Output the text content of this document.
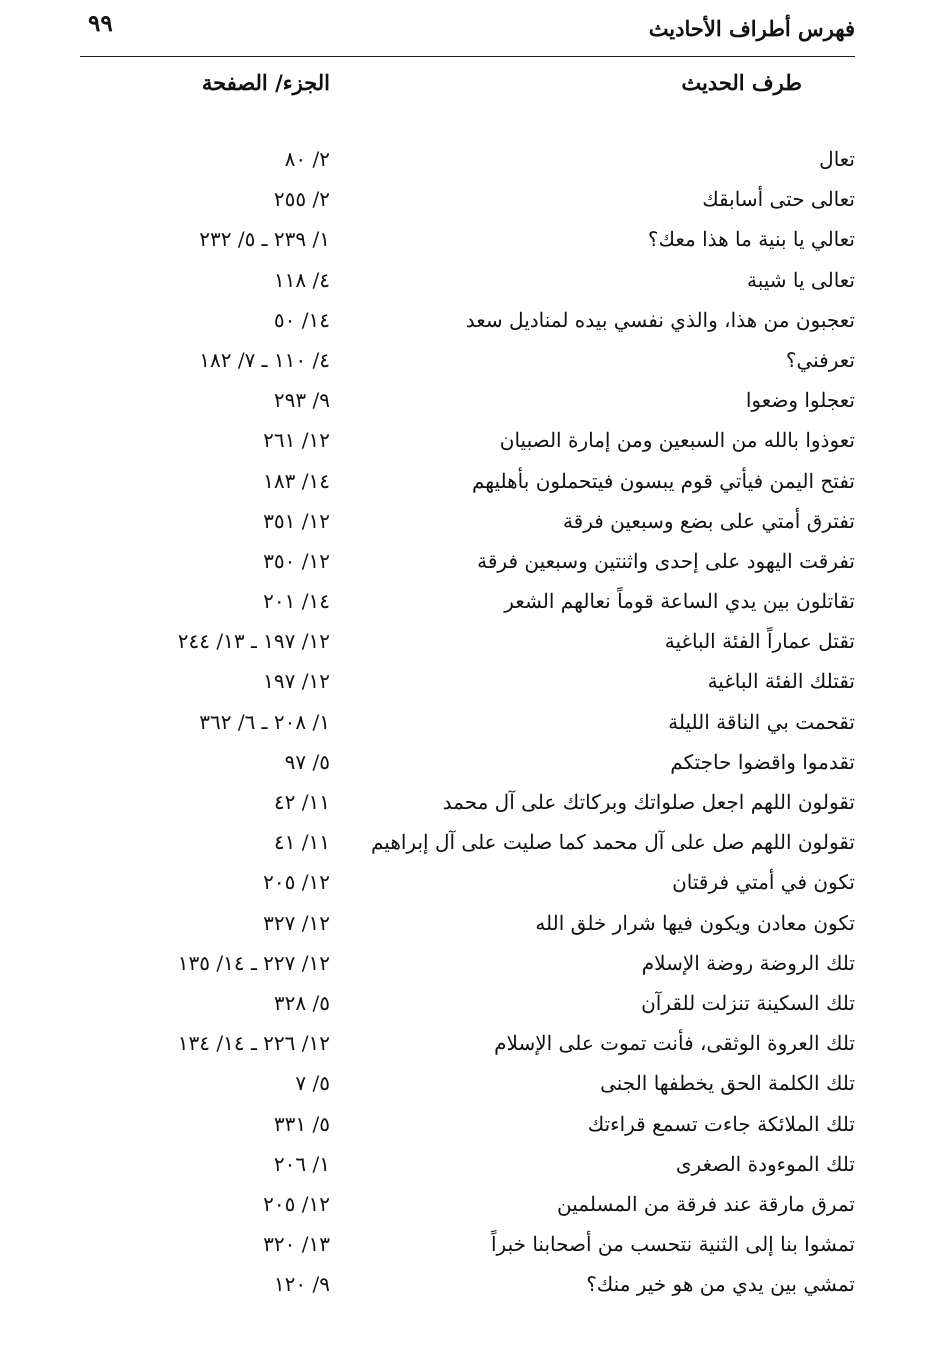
فهرس أطراف الأحاديث
٩٩
طرف الحديث
الجزء/ الصفحة
تعال
٢/ ٨٠
تعالى حتى أسابقك
٢/ ٢٥٥
تعالي يا بنية ما هذا معك؟
١/ ٢٣٩ ـ ٥/ ٢٣٢
تعالى يا شيبة
٤/ ١١٨
تعجبون من هذا، والذي نفسي بيده لمناديل سعد
١٤/ ٥٠
تعرفني؟
٤/ ١١٠ ـ ٧/ ١٨٢
تعجلوا وضعوا
٩/ ٢٩٣
تعوذوا بالله من السبعين ومن إمارة الصبيان
١٢/ ٢٦١
تفتح اليمن فيأتي قوم يبسون فيتحملون بأهليهم
١٤/ ١٨٣
تفترق أمتي على بضع وسبعين فرقة
١٢/ ٣٥١
تفرقت اليهود على إحدى واثنتين وسبعين فرقة
١٢/ ٣٥٠
تقاتلون بين يدي الساعة قوماً نعالهم الشعر
١٤/ ٢٠١
تقتل عماراً الفئة الباغية
١٢/ ١٩٧ ـ ١٣/ ٢٤٤
تقتلك الفئة الباغية
١٢/ ١٩٧
تقحمت بي الناقة الليلة
١/ ٢٠٨ ـ ٦/ ٣٦٢
تقدموا واقضوا حاجتكم
٥/ ٩٧
تقولون اللهم اجعل صلواتك وبركاتك على آل محمد
١١/ ٤٢
تقولون اللهم صل على آل محمد كما صليت على آل إبراهيم
١١/ ٤١
تكون في أمتي فرقتان
١٢/ ٢٠٥
تكون معادن ويكون فيها شرار خلق الله
١٢/ ٣٢٧
تلك الروضة روضة الإسلام
١٢/ ٢٢٧ ـ ١٤/ ١٣٥
تلك السكينة تنزلت للقرآن
٥/ ٣٢٨
تلك العروة الوثقى، فأنت تموت على الإسلام
١٢/ ٢٢٦ ـ ١٤/ ١٣٤
تلك الكلمة الحق يخطفها الجنى
٥/ ٧
تلك الملائكة جاءت تسمع قراءتك
٥/ ٣٣١
تلك الموءودة الصغرى
١/ ٢٠٦
تمرق مارقة عند فرقة من المسلمين
١٢/ ٢٠٥
تمشوا بنا إلى الثنية نتحسب من أصحابنا خبراً
١٣/ ٣٢٠
تمشي بين يدي من هو خير منك؟
٩/ ١٢٠
